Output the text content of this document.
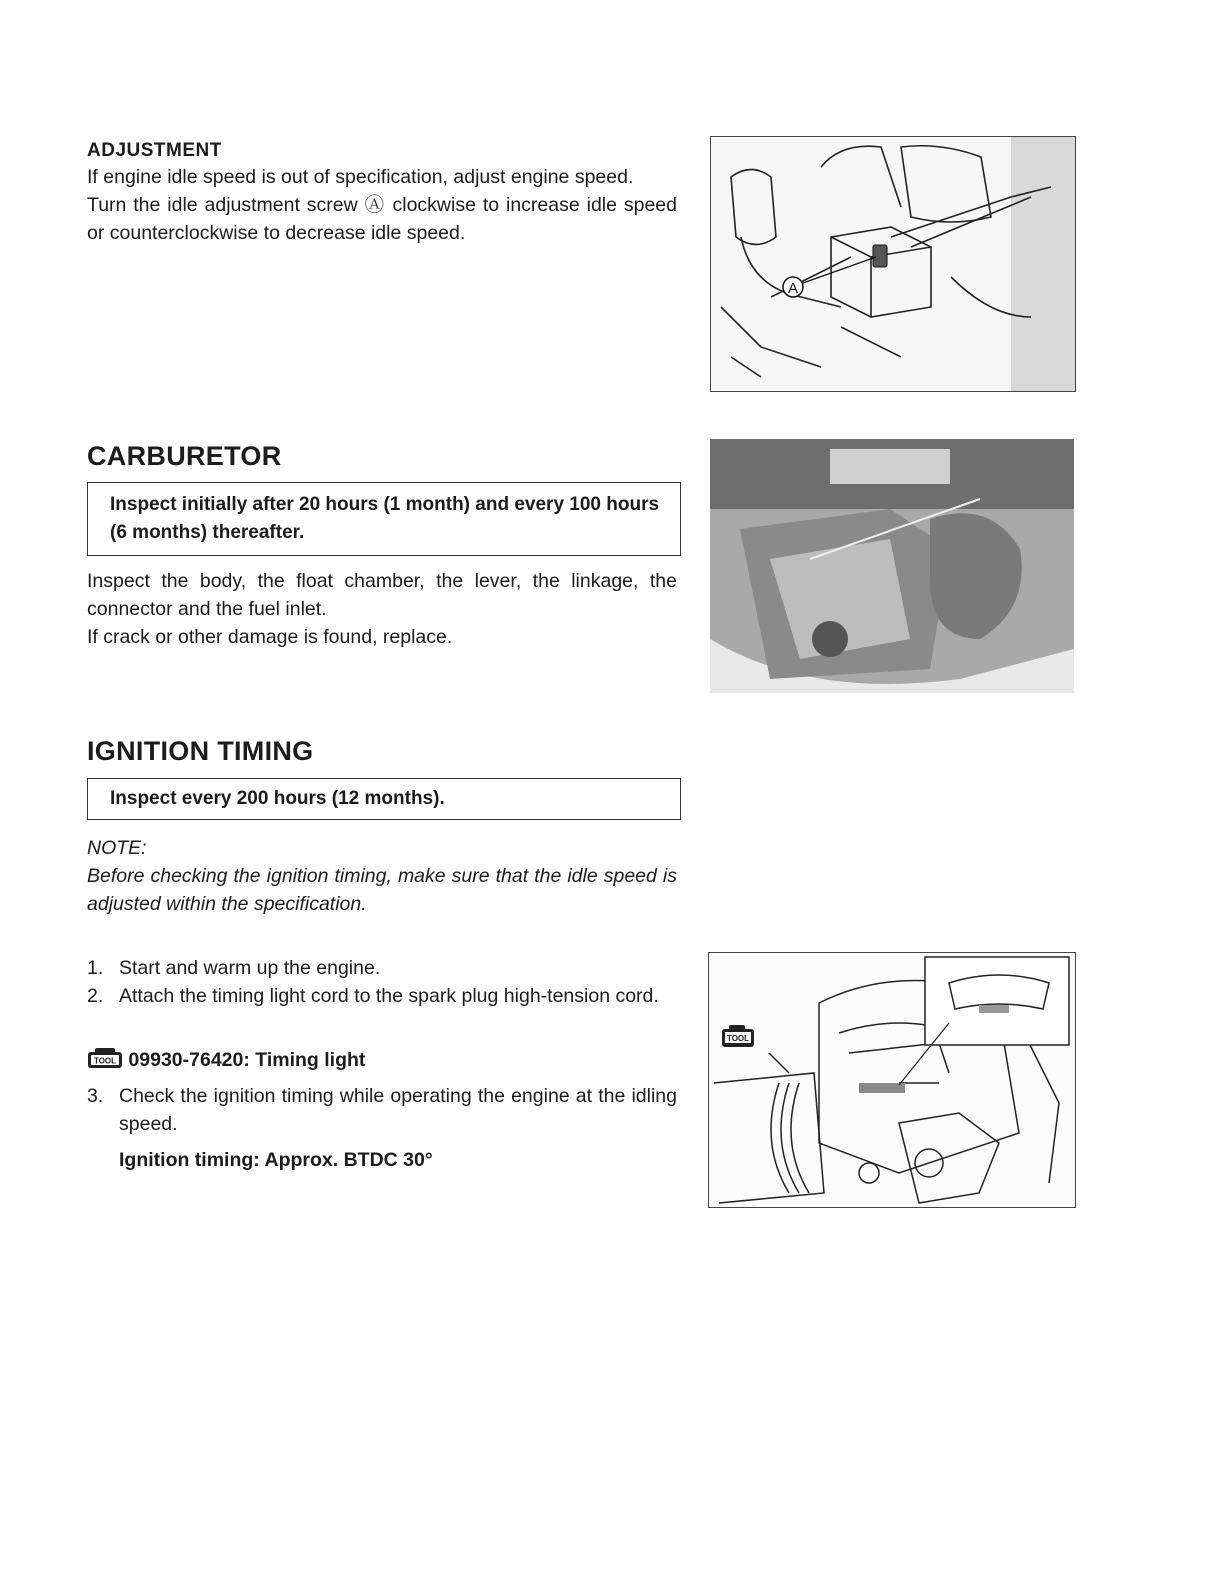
ADJUSTMENT

If engine idle speed is out of specification, adjust engine speed.

Turn the idle adjustment screw Ⓐ clockwise to increase idle speed or counterclockwise to decrease idle speed.

A
CARBURETOR
Inspect initially after 20 hours (1 month) and every 100 hours (6 months) thereafter.

Inspect the body, the float chamber, the lever, the linkage, the connector and the fuel inlet.

If crack or other damage is found, replace.

IGNITION TIMING
Inspect every 200 hours (12 months).
NOTE:
Before checking the ignition timing, make sure that the idle speed is adjusted within the specification.
1. Start and warm up the engine.
2. Attach the timing light cord to the spark plug high-tension cord.
TOOL 09930-76420: Timing light
3. Check the ignition timing while operating the engine at the idling speed.
Ignition timing: Approx. BTDC 30°
TOOL
